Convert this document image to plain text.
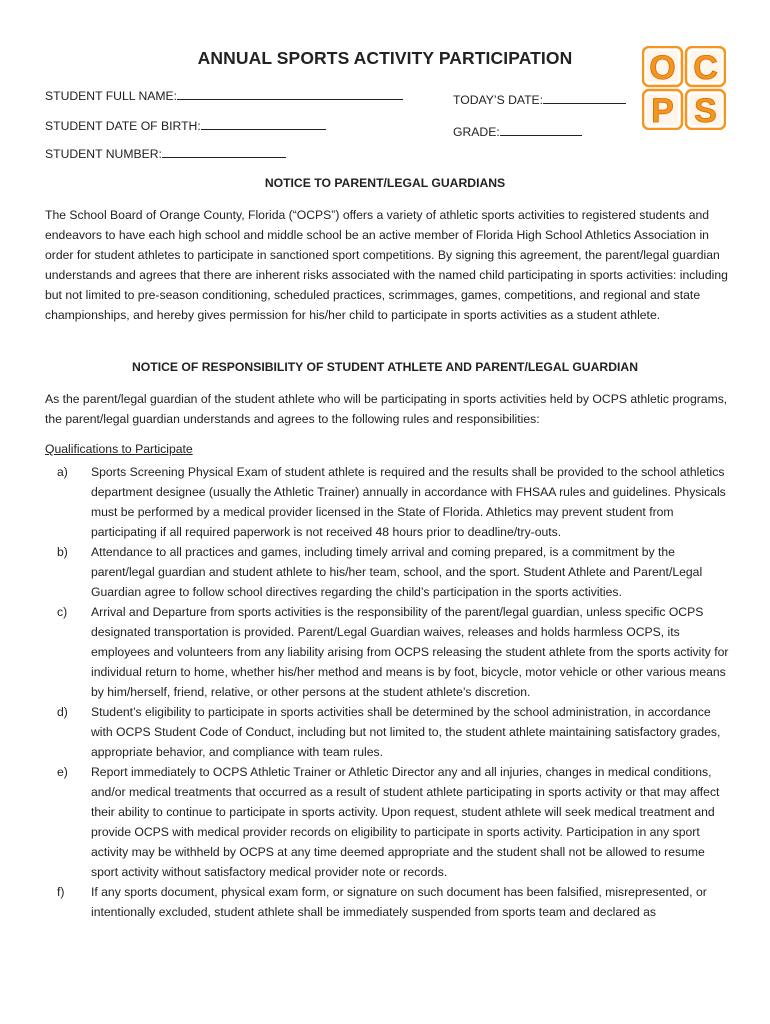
ANNUAL SPORTS ACTIVITY PARTICIPATION	O C
P S
STUDENT FULL NAME:	TODAY’S DATE:
STUDENT DATE OF BIRTH:	GRADE:
STUDENT NUMBER:
NOTICE TO PARENT/LEGAL GUARDIANS
The School Board of Orange County, Florida (“OCPS”) offers a variety of athletic sports activities to registered students and endeavors to have each high school and middle school be an active member of Florida High School Athletics Association in order for student athletes to participate in sanctioned sport competitions. By signing this agreement, the parent/legal guardian understands and agrees that there are inherent risks associated with the named child participating in sports activities: including but not limited to pre-season conditioning, scheduled practices, scrimmages, games, competitions, and regional and state championships, and hereby gives permission for his/her child to participate in sports activities as a student athlete.
NOTICE OF RESPONSIBILITY OF STUDENT ATHLETE AND PARENT/LEGAL GUARDIAN
As the parent/legal guardian of the student athlete who will be participating in sports activities held by OCPS athletic programs, the parent/legal guardian understands and agrees to the following rules and responsibilities:
Qualifications to Participate
a) Sports Screening Physical Exam of student athlete is required and the results shall be provided to the school athletics department designee (usually the Athletic Trainer) annually in accordance with FHSAA rules and guidelines. Physicals must be performed by a medical provider licensed in the State of Florida. Athletics may prevent student from participating if all required paperwork is not received 48 hours prior to deadline/try-outs.
b) Attendance to all practices and games, including timely arrival and coming prepared, is a commitment by the parent/legal guardian and student athlete to his/her team, school, and the sport. Student Athlete and Parent/Legal Guardian agree to follow school directives regarding the child’s participation in the sports activities.
c) Arrival and Departure from sports activities is the responsibility of the parent/legal guardian, unless specific OCPS designated transportation is provided. Parent/Legal Guardian waives, releases and holds harmless OCPS, its employees and volunteers from any liability arising from OCPS releasing the student athlete from the sports activity for individual return to home, whether his/her method and means is by foot, bicycle, motor vehicle or other various means by him/herself, friend, relative, or other persons at the student athlete’s discretion.
d) Student’s eligibility to participate in sports activities shall be determined by the school administration, in accordance with OCPS Student Code of Conduct, including but not limited to, the student athlete maintaining satisfactory grades, appropriate behavior, and compliance with team rules.
e) Report immediately to OCPS Athletic Trainer or Athletic Director any and all injuries, changes in medical conditions, and/or medical treatments that occurred as a result of student athlete participating in sports activity or that may affect their ability to continue to participate in sports activity. Upon request, student athlete will seek medical treatment and provide OCPS with medical provider records on eligibility to participate in sports activity. Participation in any sport activity may be withheld by OCPS at any time deemed appropriate and the student shall not be allowed to resume sport activity without satisfactory medical provider note or records.
f) If any sports document, physical exam form, or signature on such document has been falsified, misrepresented, or intentionally excluded, student athlete shall be immediately suspended from sports team and declared as
